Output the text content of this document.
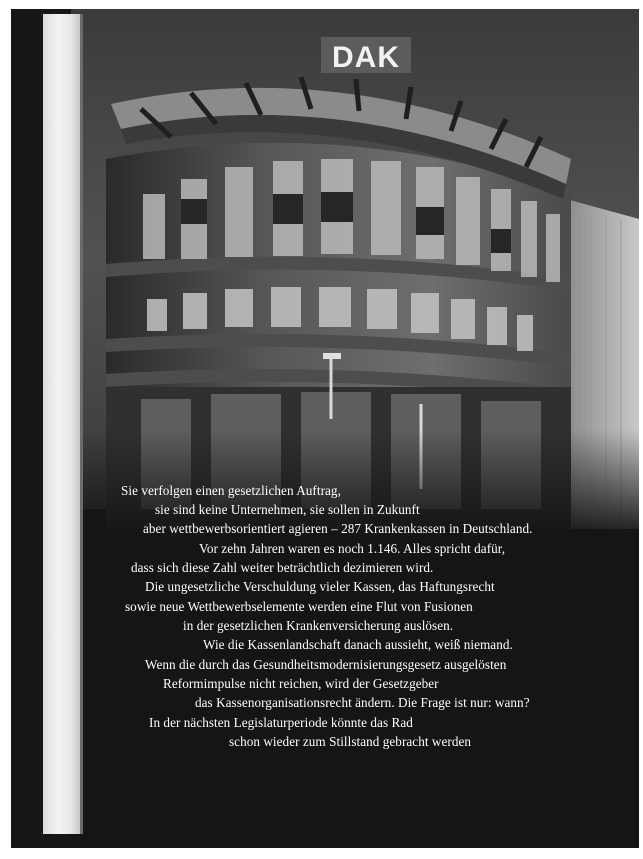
DAK
Sie verfolgen einen gesetzlichen Auftrag,
sie sind keine Unternehmen, sie sollen in Zukunft
aber wettbewerbsorientiert agieren – 287 Krankenkassen in Deutschland.
Vor zehn Jahren waren es noch 1.146. Alles spricht dafür,
dass sich diese Zahl weiter beträchtlich dezimieren wird.
Die ungesetzliche Verschuldung vieler Kassen, das Haftungsrecht
sowie neue Wettbewerbselemente werden eine Flut von Fusionen
in der gesetzlichen Krankenversicherung auslösen.
Wie die Kassenlandschaft danach aussieht, weiß niemand.
Wenn die durch das Gesundheitsmodernisierungsgesetz ausgelösten
Reformimpulse nicht reichen, wird der Gesetzgeber
das Kassenorganisationsrecht ändern. Die Frage ist nur: wann?
In der nächsten Legislaturperiode könnte das Rad
schon wieder zum Stillstand gebracht werden
